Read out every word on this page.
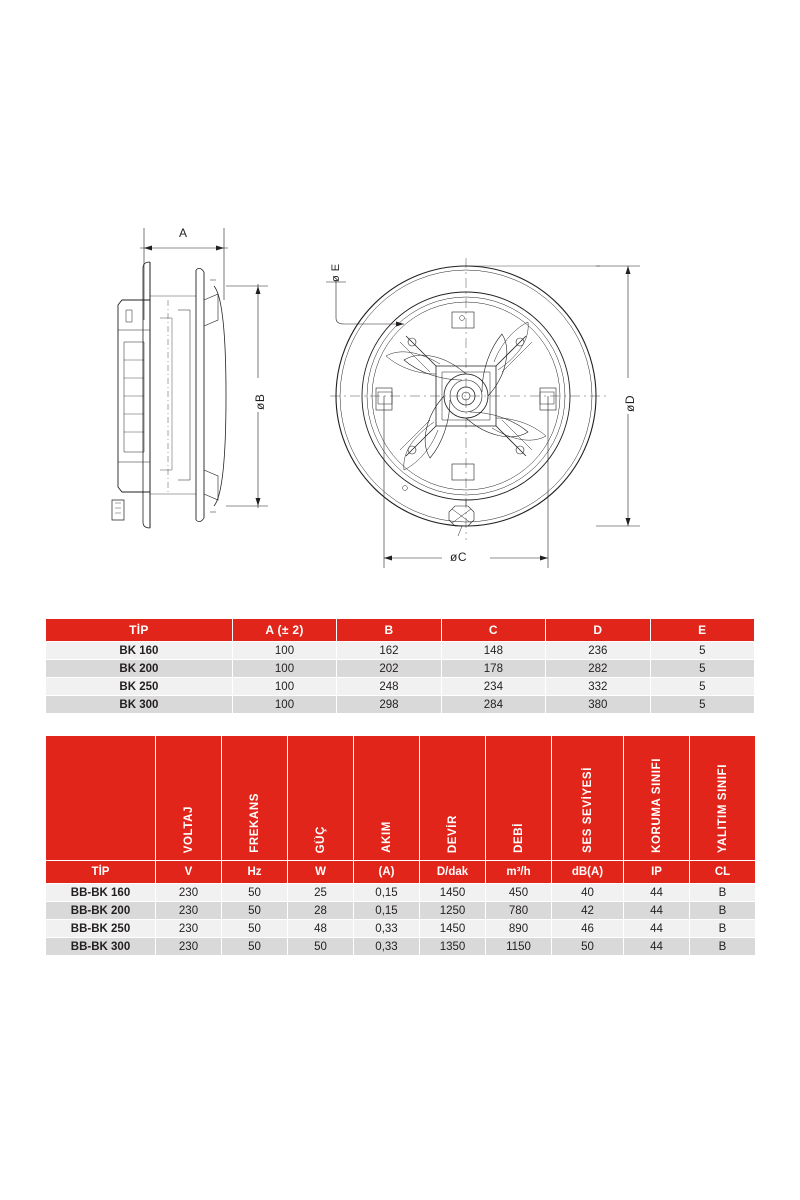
A
øB
øC
øD
ø E
TİP	A (± 2)	B	C	D	E
BK 160	100	162	148	236	5
BK 200	100	202	178	282	5
BK 250	100	248	234	332	5
BK 300	100	298	284	380	5
	VOLTAJ	FREKANS	GÜÇ	AKIM	DEVİR	DEBİ	SES SEVİYESİ	KORUMA SINIFI	YALITIM SINIFI
TİP	V	Hz	W	(A)	D/dak	m³/h	dB(A)	IP	CL
BB-BK 160	230	50	25	0,15	1450	450	40	44	B
BB-BK 200	230	50	28	0,15	1250	780	42	44	B
BB-BK 250	230	50	48	0,33	1450	890	46	44	B
BB-BK 300	230	50	50	0,33	1350	1150	50	44	B
